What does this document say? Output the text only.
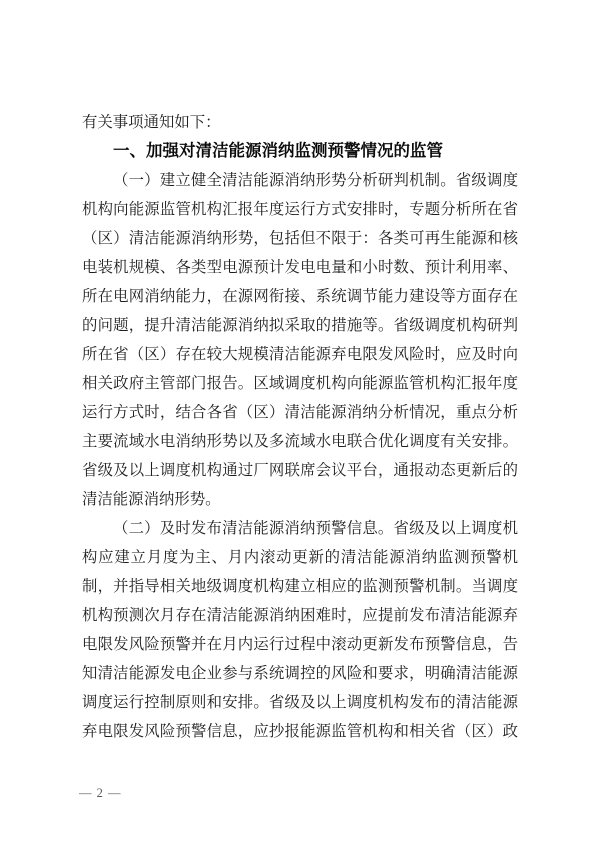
有关事项通知如下：
一、加强对清洁能源消纳监测预警情况的监管
（一）建立健全清洁能源消纳形势分析研判机制。省级调度
机构向能源监管机构汇报年度运行方式安排时，专题分析所在省
（区）清洁能源消纳形势，包括但不限于：各类可再生能源和核
电装机规模、各类型电源预计发电电量和小时数、预计利用率、
所在电网消纳能力，在源网衔接、系统调节能力建设等方面存在
的问题，提升清洁能源消纳拟采取的措施等。省级调度机构研判
所在省（区）存在较大规模清洁能源弃电限发风险时，应及时向
相关政府主管部门报告。区域调度机构向能源监管机构汇报年度
运行方式时，结合各省（区）清洁能源消纳分析情况，重点分析
主要流域水电消纳形势以及多流域水电联合优化调度有关安排。
省级及以上调度机构通过厂网联席会议平台，通报动态更新后的
清洁能源消纳形势。
（二）及时发布清洁能源消纳预警信息。省级及以上调度机
构应建立月度为主、月内滚动更新的清洁能源消纳监测预警机
制，并指导相关地级调度机构建立相应的监测预警机制。当调度
机构预测次月存在清洁能源消纳困难时，应提前发布清洁能源弃
电限发风险预警并在月内运行过程中滚动更新发布预警信息，告
知清洁能源发电企业参与系统调控的风险和要求，明确清洁能源
调度运行控制原则和安排。省级及以上调度机构发布的清洁能源
弃电限发风险预警信息，应抄报能源监管机构和相关省（区）政
— 2 —
